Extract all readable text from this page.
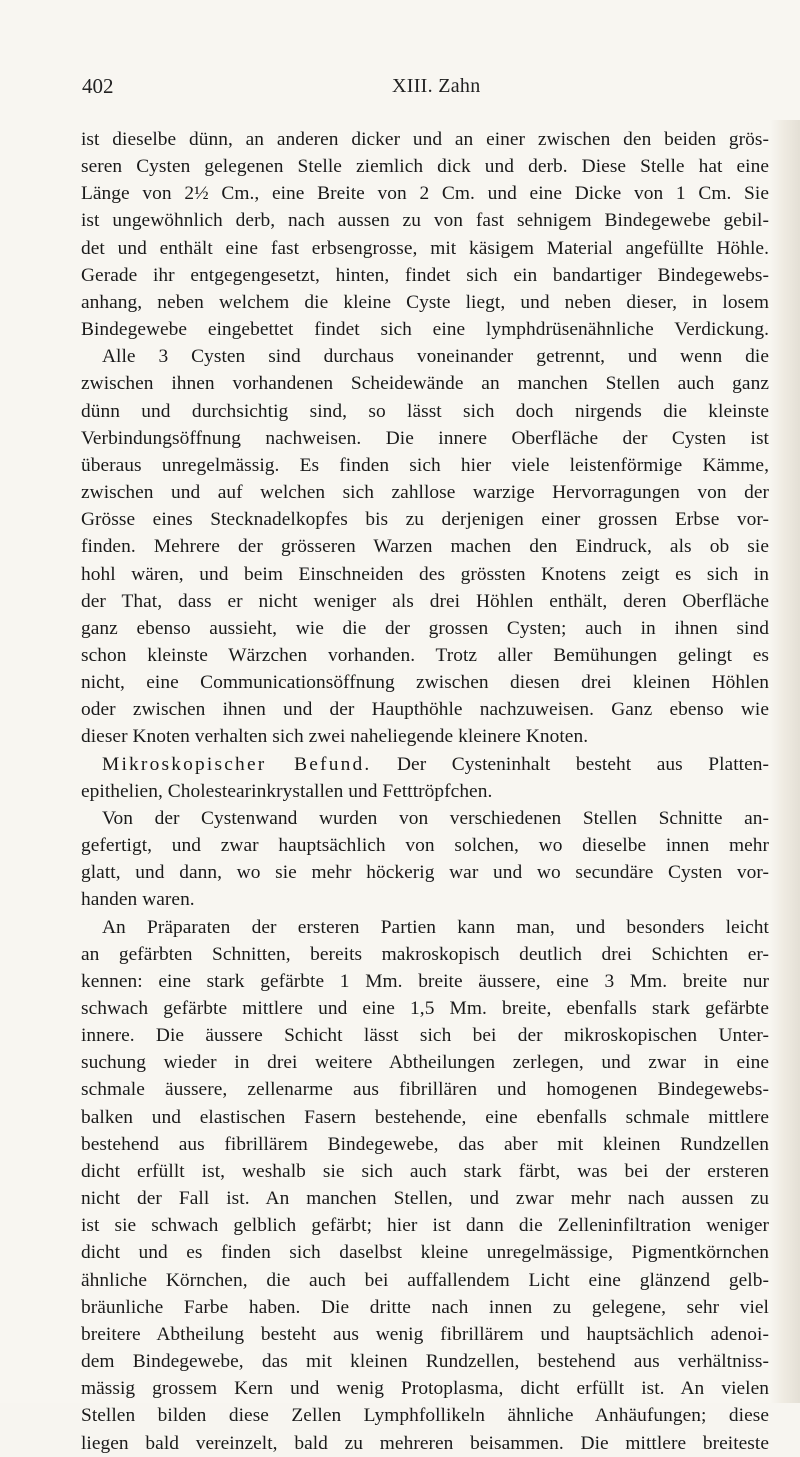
402	XIII. Zahn
ist dieselbe dünn, an anderen dicker und an einer zwischen den beiden grös-
seren Cysten gelegenen Stelle ziemlich dick und derb. Diese Stelle hat eine
Länge von 2½ Cm., eine Breite von 2 Cm. und eine Dicke von 1 Cm. Sie
ist ungewöhnlich derb, nach aussen zu von fast sehnigem Bindegewebe gebil-
det und enthält eine fast erbsengrosse, mit käsigem Material angefüllte Höhle.
Gerade ihr entgegengesetzt, hinten, findet sich ein bandartiger Bindegewebs-
anhang, neben welchem die kleine Cyste liegt, und neben dieser, in losem
Bindegewebe eingebettet findet sich eine lymphdrüsenähnliche Verdickung.
Alle 3 Cysten sind durchaus voneinander getrennt, und wenn die
zwischen ihnen vorhandenen Scheidewände an manchen Stellen auch ganz
dünn und durchsichtig sind, so lässt sich doch nirgends die kleinste
Verbindungsöffnung nachweisen. Die innere Oberfläche der Cysten ist
überaus unregelmässig. Es finden sich hier viele leistenförmige Kämme,
zwischen und auf welchen sich zahllose warzige Hervorragungen von der
Grösse eines Stecknadelkopfes bis zu derjenigen einer grossen Erbse vor-
finden. Mehrere der grösseren Warzen machen den Eindruck, als ob sie
hohl wären, und beim Einschneiden des grössten Knotens zeigt es sich in
der That, dass er nicht weniger als drei Höhlen enthält, deren Oberfläche
ganz ebenso aussieht, wie die der grossen Cysten; auch in ihnen sind
schon kleinste Wärzchen vorhanden. Trotz aller Bemühungen gelingt es
nicht, eine Communicationsöffnung zwischen diesen drei kleinen Höhlen
oder zwischen ihnen und der Haupthöhle nachzuweisen. Ganz ebenso wie
dieser Knoten verhalten sich zwei naheliegende kleinere Knoten.
Mikroskopischer Befund. Der Cysteninhalt besteht aus Platten-
epithelien, Cholestearinkrystallen und Fetttröpfchen.
Von der Cystenwand wurden von verschiedenen Stellen Schnitte an-
gefertigt, und zwar hauptsächlich von solchen, wo dieselbe innen mehr
glatt, und dann, wo sie mehr höckerig war und wo secundäre Cysten vor-
handen waren.
An Präparaten der ersteren Partien kann man, und besonders leicht
an gefärbten Schnitten, bereits makroskopisch deutlich drei Schichten er-
kennen: eine stark gefärbte 1 Mm. breite äussere, eine 3 Mm. breite nur
schwach gefärbte mittlere und eine 1,5 Mm. breite, ebenfalls stark gefärbte
innere. Die äussere Schicht lässt sich bei der mikroskopischen Unter-
suchung wieder in drei weitere Abtheilungen zerlegen, und zwar in eine
schmale äussere, zellenarme aus fibrillären und homogenen Bindegewebs-
balken und elastischen Fasern bestehende, eine ebenfalls schmale mittlere
bestehend aus fibrillärem Bindegewebe, das aber mit kleinen Rundzellen
dicht erfüllt ist, weshalb sie sich auch stark färbt, was bei der ersteren
nicht der Fall ist. An manchen Stellen, und zwar mehr nach aussen zu
ist sie schwach gelblich gefärbt; hier ist dann die Zelleninfiltration weniger
dicht und es finden sich daselbst kleine unregelmässige, Pigmentkörnchen
ähnliche Körnchen, die auch bei auffallendem Licht eine glänzend gelb-
bräunliche Farbe haben. Die dritte nach innen zu gelegene, sehr viel
breitere Abtheilung besteht aus wenig fibrillärem und hauptsächlich adenoi-
dem Bindegewebe, das mit kleinen Rundzellen, bestehend aus verhältniss-
mässig grossem Kern und wenig Protoplasma, dicht erfüllt ist. An vielen
Stellen bilden diese Zellen Lymphfollikeln ähnliche Anhäufungen; diese
liegen bald vereinzelt, bald zu mehreren beisammen. Die mittlere breiteste
